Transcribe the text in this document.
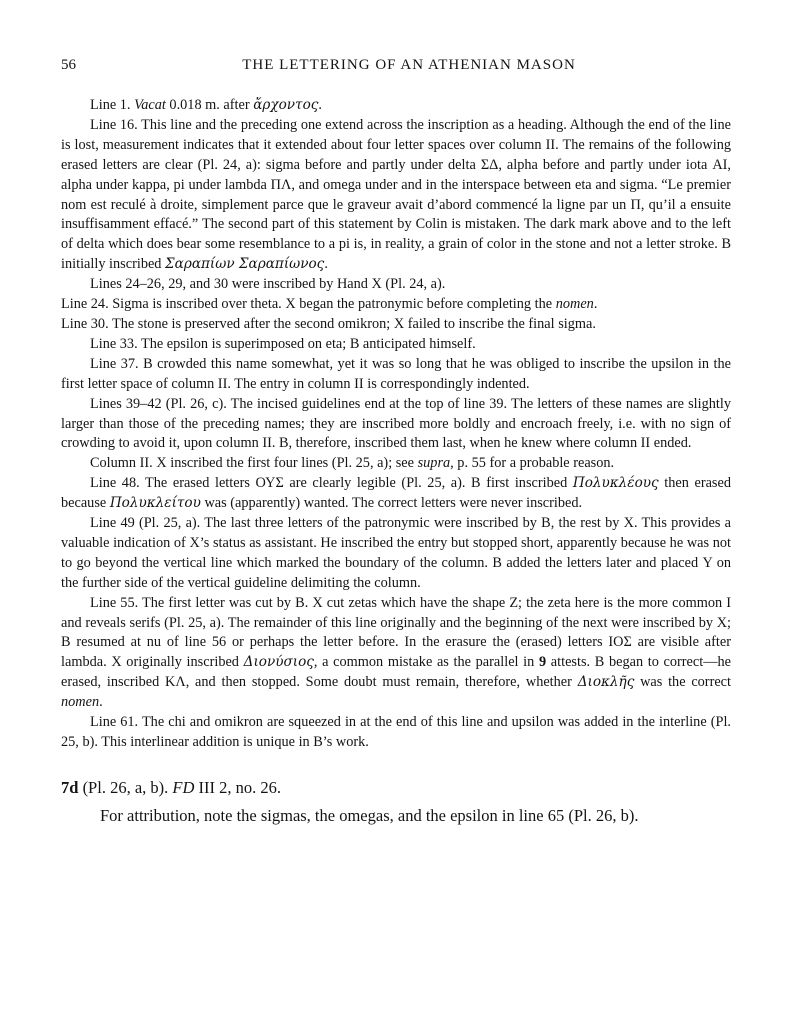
56	THE LETTERING OF AN ATHENIAN MASON

Line 1. Vacat 0.018 m. after ἄρχοντος.

Line 16. This line and the preceding one extend across the inscription as a heading. Although the end of the line is lost, measurement indicates that it extended about four letter spaces over column II. The remains of the following erased letters are clear (Pl. 24, a): sigma before and partly under delta ΣΔ, alpha before and partly under iota ΑΙ, alpha under kappa, pi under lambda ΠΛ, and omega under and in the interspace between eta and sigma. “Le premier nom est reculé à droite, simplement parce que le graveur avait d’abord commencé la ligne par un Π, qu’il a ensuite insuffisamment effacé.” The second part of this statement by Colin is mistaken. The dark mark above and to the left of delta which does bear some resemblance to a pi is, in reality, a grain of color in the stone and not a letter stroke. B initially inscribed Σαραπίων Σαραπίωνος.

Lines 24–26, 29, and 30 were inscribed by Hand X (Pl. 24, a).

Line 24. Sigma is inscribed over theta. X began the patronymic before completing the nomen.

Line 30. The stone is preserved after the second omikron; X failed to inscribe the final sigma.

Line 33. The epsilon is superimposed on eta; B anticipated himself.

Line 37. B crowded this name somewhat, yet it was so long that he was obliged to inscribe the upsilon in the first letter space of column II. The entry in column II is correspondingly indented.

Lines 39–42 (Pl. 26, c). The incised guidelines end at the top of line 39. The letters of these names are slightly larger than those of the preceding names; they are inscribed more boldly and encroach freely, i.e. with no sign of crowding to avoid it, upon column II. B, therefore, inscribed them last, when he knew where column II ended.

Column II. X inscribed the first four lines (Pl. 25, a); see supra, p. 55 for a probable reason.

Line 48. The erased letters ΟΥΣ are clearly legible (Pl. 25, a). B first inscribed Πολυκλέους then erased because Πολυκλείτου was (apparently) wanted. The correct letters were never inscribed.

Line 49 (Pl. 25, a). The last three letters of the patronymic were inscribed by B, the rest by X. This provides a valuable indication of X’s status as assistant. He inscribed the entry but stopped short, apparently because he was not to go beyond the vertical line which marked the boundary of the column. B added the letters later and placed Υ on the further side of the vertical guideline delimiting the column.

Line 55. The first letter was cut by B. X cut zetas which have the shape Ζ; the zeta here is the more common Ι and reveals serifs (Pl. 25, a). The remainder of this line originally and the beginning of the next were inscribed by X; B resumed at nu of line 56 or perhaps the letter before. In the erasure the (erased) letters ΙΟΣ are visible after lambda. X originally inscribed Διονύσιος, a common mistake as the parallel in 9 attests. B began to correct—he erased, inscribed ΚΛ, and then stopped. Some doubt must remain, therefore, whether Διοκλῆς was the correct nomen.

Line 61. The chi and omikron are squeezed in at the end of this line and upsilon was added in the interline (Pl. 25, b). This interlinear addition is unique in B’s work.

7d (Pl. 26, a, b). FD III 2, no. 26.
For attribution, note the sigmas, the omegas, and the epsilon in line 65 (Pl. 26, b).
